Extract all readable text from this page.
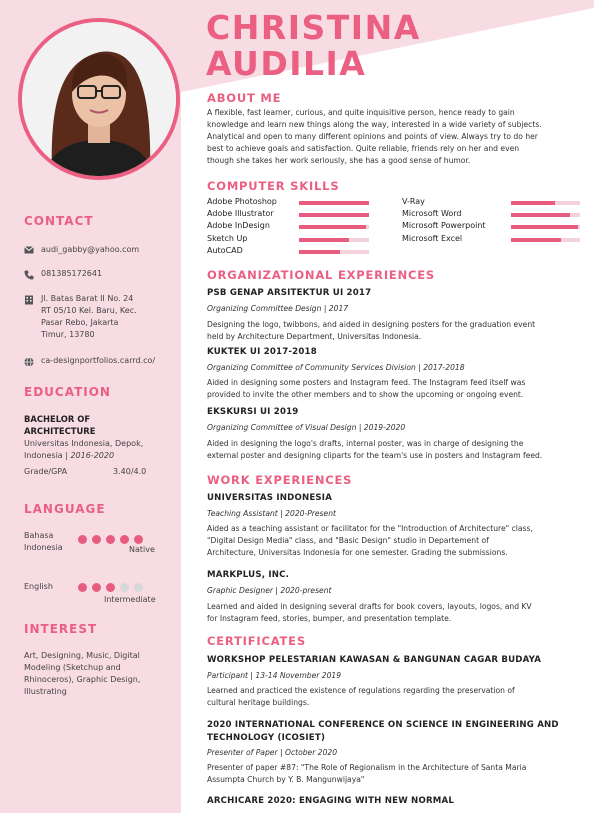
CHRISTINA
AUDILIA
CONTACT
audi_gabby@yahoo.com
081385172641
Jl. Batas Barat II No. 24
RT 05/10 Kel. Baru, Kec.
Pasar Rebo, Jakarta
Timur, 13780
ca-designportfolios.carrd.co/
EDUCATION
BACHELOR OF
ARCHITECTURE
Universitas Indonesia, Depok,
Indonesia | 2016-2020
Grade/GPA	3.40/4.0
LANGUAGE
Bahasa
Indonesia	Native
English
Intermediate
INTEREST
Art, Designing, Music, Digital
Modeling (Sketchup and
Rhinoceros), Graphic Design,
Illustrating
ABOUT ME
A flexible, fast learner, curious, and quite inquisitive person, hence ready to gain
knowledge and learn new things along the way, interested in a wide variety of subjects.
Analytical and open to many different opinions and points of view. Always try to do her
best to achieve goals and satisfaction. Quite reliable, friends rely on her and even
though she takes her work seriously, she has a good sense of humor.
COMPUTER SKILLS
Adobe Photoshop
Adobe Illustrator
Adobe InDesign
Sketch Up
AutoCAD
V-Ray
Microsoft Word
Microsoft Powerpoint
Microsoft Excel
ORGANIZATIONAL EXPERIENCES
PSB GENAP ARSITEKTUR UI 2017
Organizing Committee Design | 2017
Designing the logo, twibbons, and aided in designing posters for the graduation event
held by Architecture Department, Universitas Indonesia.
KUKTEK UI 2017-2018
Organizing Committee of Community Services Division | 2017-2018
Aided in designing some posters and Instagram feed. The Instagram feed itself was
provided to invite the other members and to show the upcoming or ongoing event.
EKSKURSI UI 2019
Organizing Committee of Visual Design | 2019-2020
Aided in designing the logo's drafts, internal poster, was in charge of designing the
external poster and designing cliparts for the team's use in posters and Instagram feed.
WORK EXPERIENCES
UNIVERSITAS INDONESIA
Teaching Assistant | 2020-Present
Aided as a teaching assistant or facilitator for the "Introduction of Architecture" class,
"Digital Design Media" class, and "Basic Design" studio in Departement of
Architecture, Universitas Indonesia for one semester. Grading the submissions.
MARKPLUS, INC.
Graphic Designer | 2020-present
Learned and aided in designing several drafts for book covers, layouts, logos, and KV
for Instagram feed, stories, bumper, and presentation template.
CERTIFICATES
WORKSHOP PELESTARIAN KAWASAN & BANGUNAN CAGAR BUDAYA
Participant | 13-14 November 2019
Learned and practiced the existence of regulations regarding the preservation of
cultural heritage buildings.
2020 INTERNATIONAL CONFERENCE ON SCIENCE IN ENGINEERING AND
TECHNOLOGY (ICOSIET)
Presenter of Paper | October 2020
Presenter of paper #87: "The Role of Regionalism in the Architecture of Santa Maria
Assumpta Church by Y. B. Mangunwijaya"
ARCHICARE 2020: ENGAGING WITH NEW NORMAL
